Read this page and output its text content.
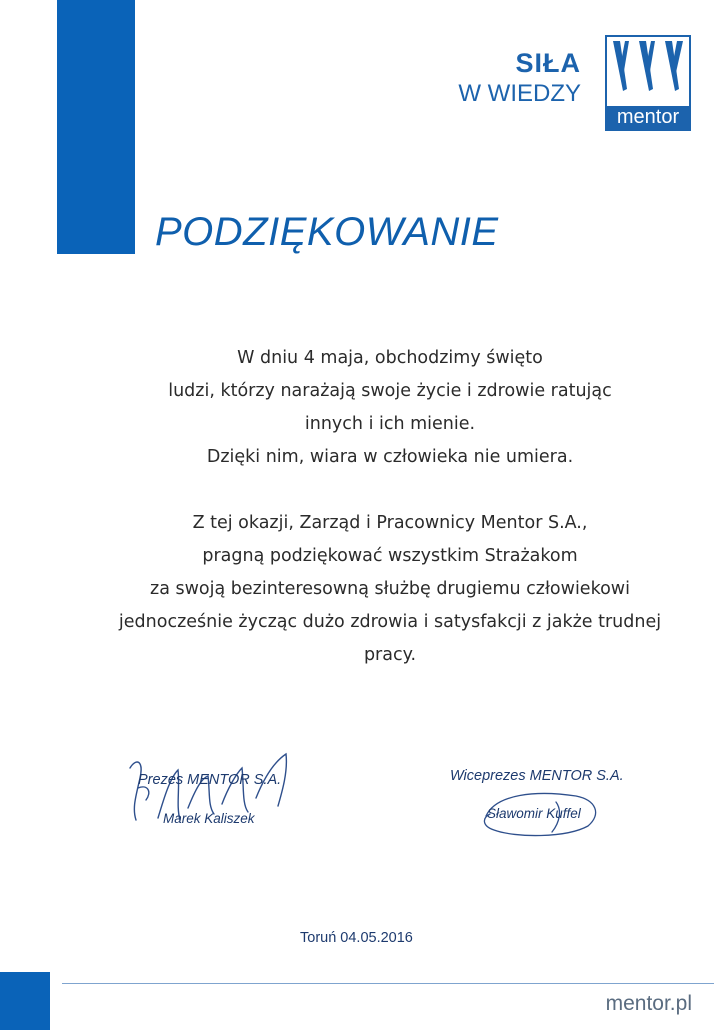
SIŁA
W WIEDZY
mentor
PODZIĘKOWANIE
W dniu 4 maja, obchodzimy święto
ludzi, którzy narażają swoje życie i zdrowie ratując
innych i ich mienie.
Dzięki nim, wiara w człowieka nie umiera.
Z tej okazji, Zarząd i Pracownicy Mentor S.A.,
pragną podziękować wszystkim Strażakom
za swoją bezinteresowną służbę drugiemu człowiekowi
jednocześnie życząc dużo zdrowia i satysfakcji z jakże trudnej
pracy.
Prezes MENTOR S.A.
Marek Kaliszek
Wiceprezes MENTOR S.A.
Sławomir Kuffel
Toruń 04.05.2016
mentor.pl
